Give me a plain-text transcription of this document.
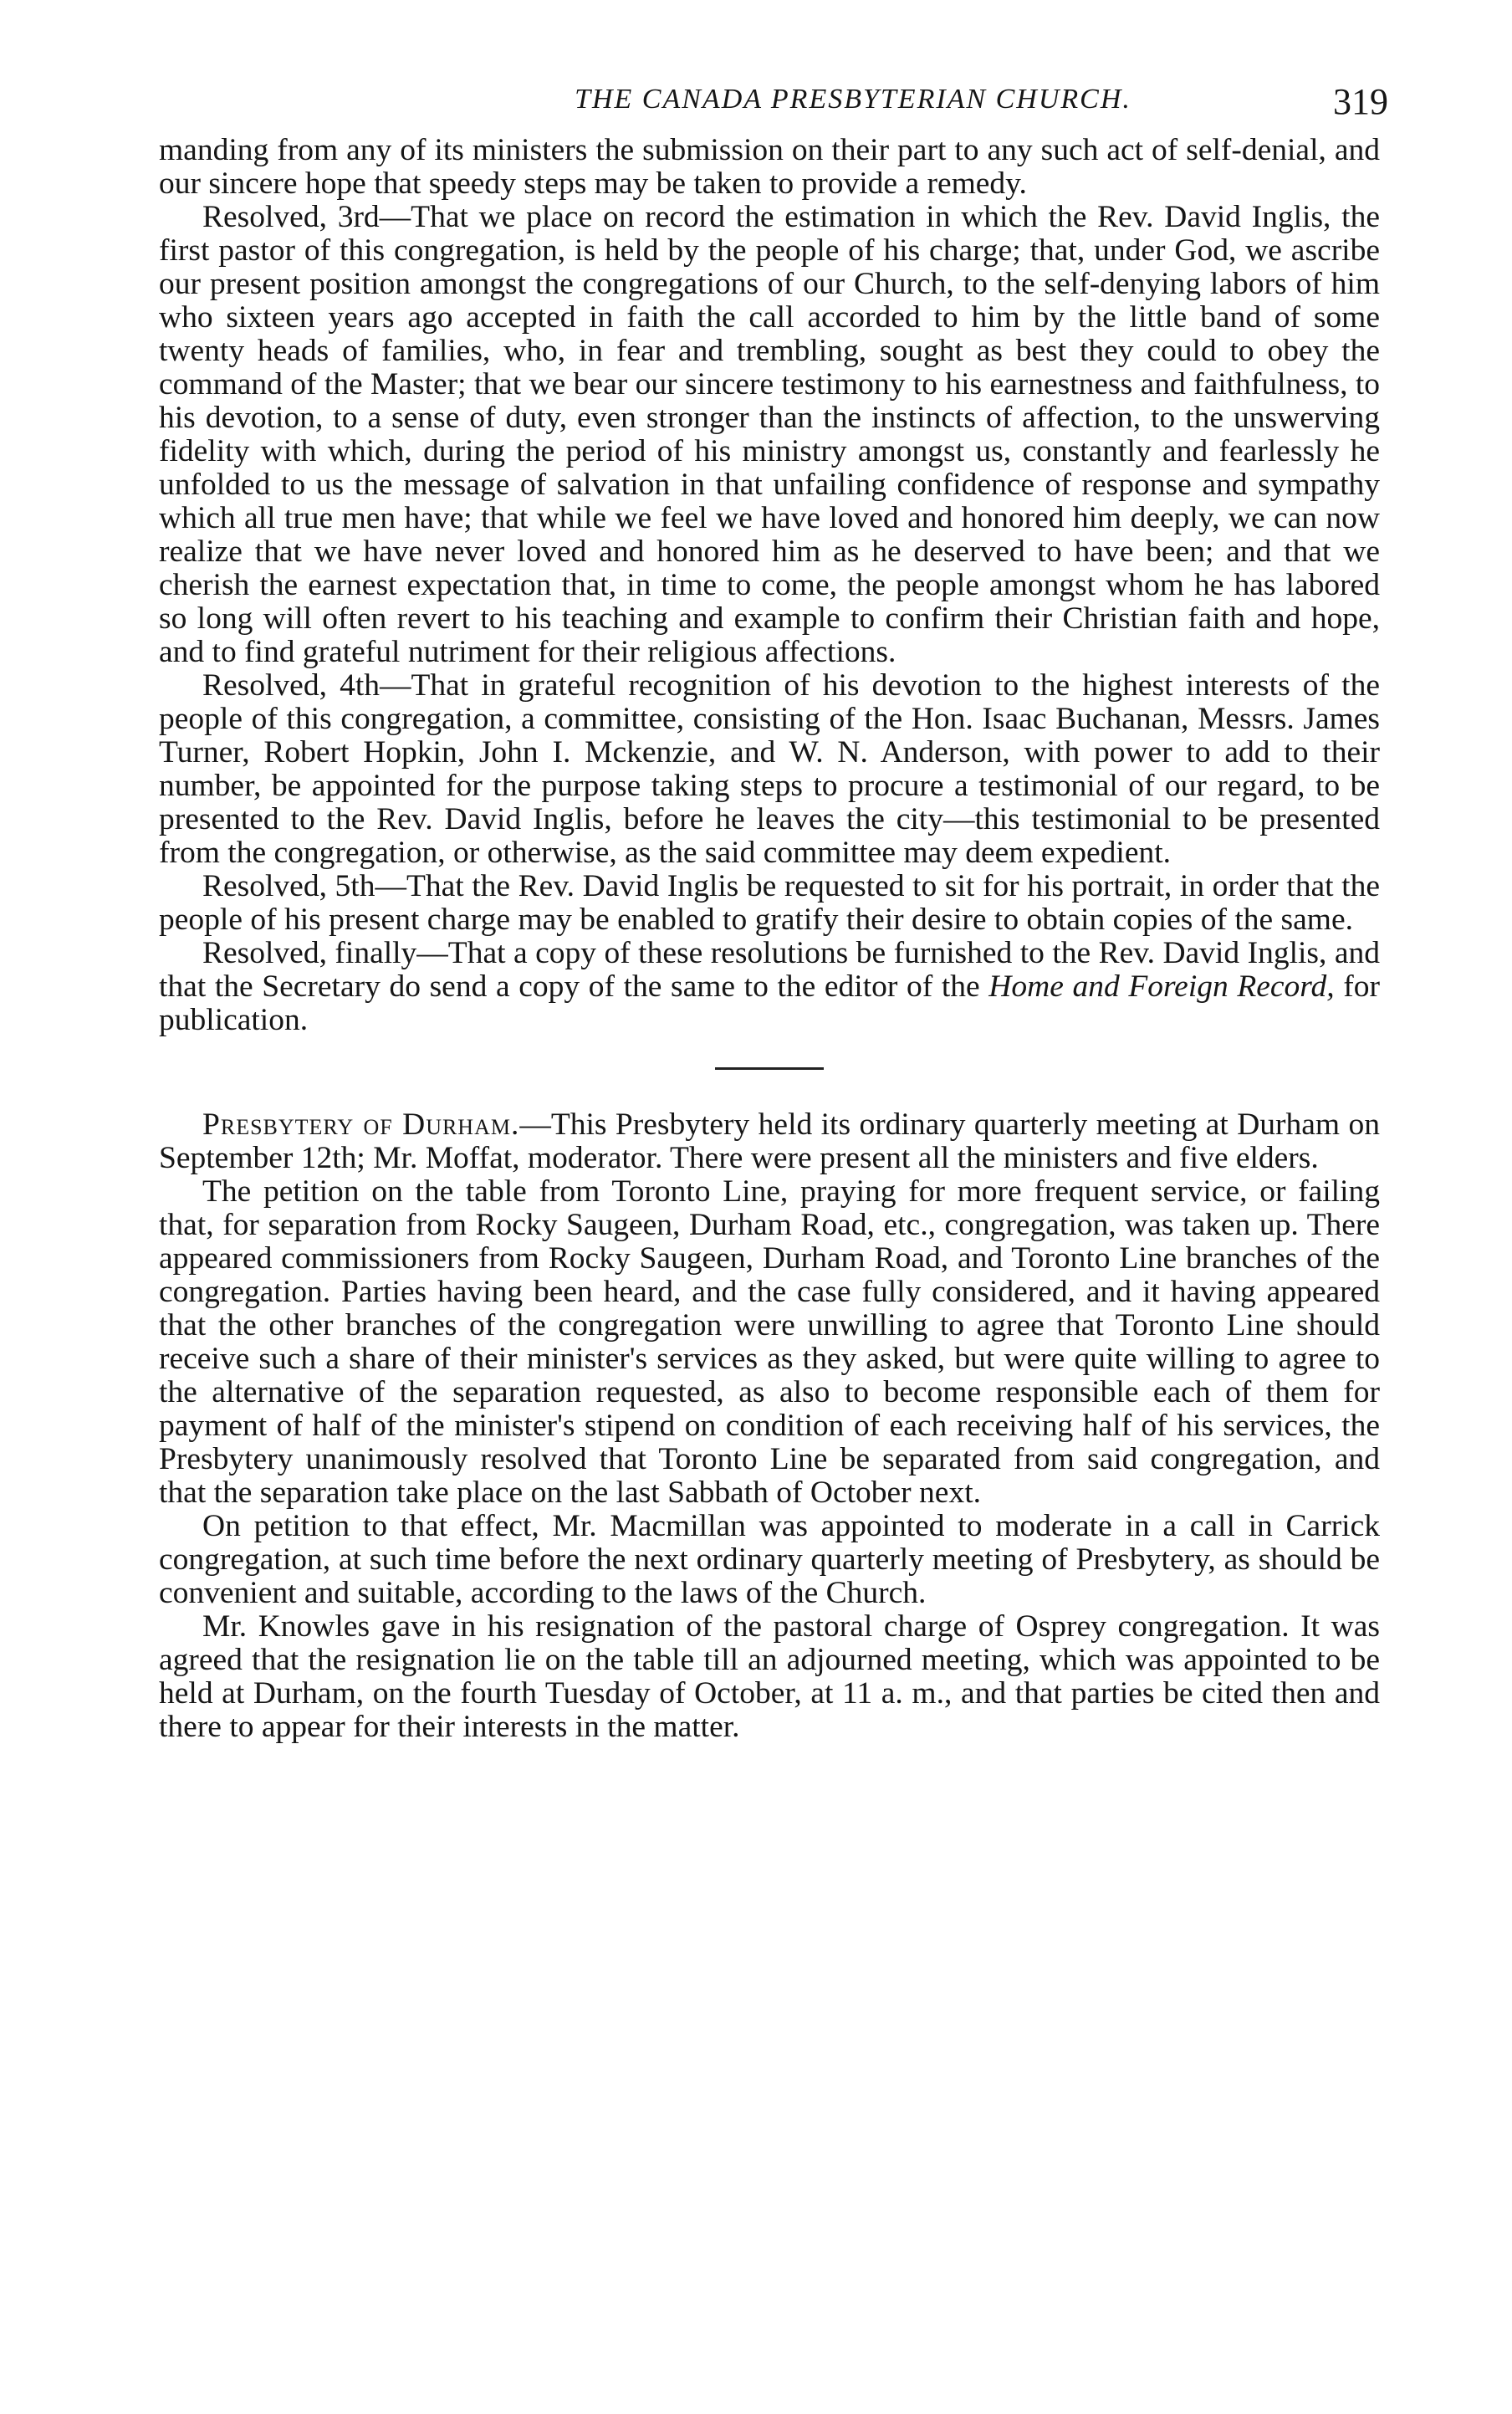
THE CANADA PRESBYTERIAN CHURCH.	319

manding from any of its ministers the submission on their part to any such act of self-denial, and our sincere hope that speedy steps may be taken to provide a remedy.

Resolved, 3rd—That we place on record the estimation in which the Rev. David Inglis, the first pastor of this congregation, is held by the people of his charge; that, under God, we ascribe our present position amongst the congregations of our Church, to the self-denying labors of him who sixteen years ago accepted in faith the call accorded to him by the little band of some twenty heads of families, who, in fear and trembling, sought as best they could to obey the command of the Master; that we bear our sincere testimony to his earnestness and faithfulness, to his devotion, to a sense of duty, even stronger than the instincts of affection, to the unswerving fidelity with which, during the period of his ministry amongst us, constantly and fearlessly he unfolded to us the message of salvation in that unfailing confidence of response and sympathy which all true men have; that while we feel we have loved and honored him deeply, we can now realize that we have never loved and honored him as he deserved to have been; and that we cherish the earnest expectation that, in time to come, the people amongst whom he has labored so long will often revert to his teaching and example to confirm their Christian faith and hope, and to find grateful nutriment for their religious affections.

Resolved, 4th—That in grateful recognition of his devotion to the highest interests of the people of this congregation, a committee, consisting of the Hon. Isaac Buchanan, Messrs. James Turner, Robert Hopkin, John I. Mckenzie, and W. N. Anderson, with power to add to their number, be appointed for the purpose taking steps to procure a testimonial of our regard, to be presented to the Rev. David Inglis, before he leaves the city—this testimonial to be presented from the congregation, or otherwise, as the said committee may deem expedient.

Resolved, 5th—That the Rev. David Inglis be requested to sit for his portrait, in order that the people of his present charge may be enabled to gratify their desire to obtain copies of the same.

Resolved, finally—That a copy of these resolutions be furnished to the Rev. David Inglis, and that the Secretary do send a copy of the same to the editor of the Home and Foreign Record, for publication.

Presbytery of Durham.—This Presbytery held its ordinary quarterly meeting at Durham on September 12th; Mr. Moffat, moderator. There were present all the ministers and five elders.

The petition on the table from Toronto Line, praying for more frequent service, or failing that, for separation from Rocky Saugeen, Durham Road, etc., congregation, was taken up. There appeared commissioners from Rocky Saugeen, Durham Road, and Toronto Line branches of the congregation. Parties having been heard, and the case fully considered, and it having appeared that the other branches of the congregation were unwilling to agree that Toronto Line should receive such a share of their minister's services as they asked, but were quite willing to agree to the alternative of the separation requested, as also to become responsible each of them for payment of half of the minister's stipend on condition of each receiving half of his services, the Presbytery unanimously resolved that Toronto Line be separated from said congregation, and that the separation take place on the last Sabbath of October next.

On petition to that effect, Mr. Macmillan was appointed to moderate in a call in Carrick congregation, at such time before the next ordinary quarterly meeting of Presbytery, as should be convenient and suitable, according to the laws of the Church.

Mr. Knowles gave in his resignation of the pastoral charge of Osprey congregation. It was agreed that the resignation lie on the table till an adjourned meeting, which was appointed to be held at Durham, on the fourth Tuesday of October, at 11 a. m., and that parties be cited then and there to appear for their interests in the matter.
